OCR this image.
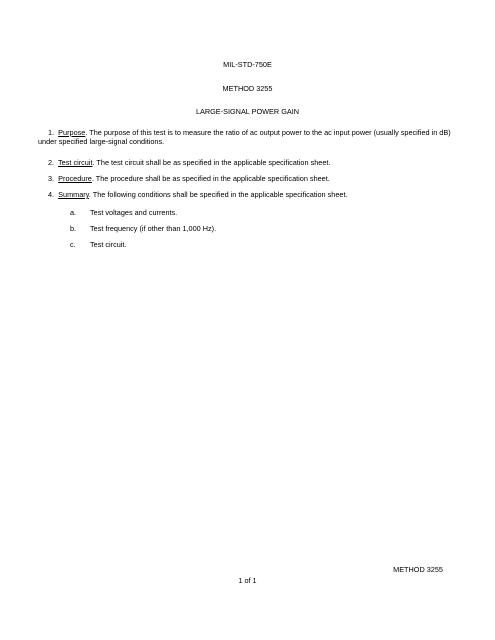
MIL-STD-750E
METHOD 3255
LARGE-SIGNAL POWER GAIN
1. Purpose. The purpose of this test is to measure the ratio of ac output power to the ac input power (usually specified in dB) under specified large-signal conditions.
2. Test circuit. The test circuit shall be as specified in the applicable specification sheet.
3. Procedure. The procedure shall be as specified in the applicable specification sheet.
4. Summary. The following conditions shall be specified in the applicable specification sheet.
a. Test voltages and currents.
b. Test frequency (if other than 1,000 Hz).
c. Test circuit.
METHOD 3255
1 of 1
